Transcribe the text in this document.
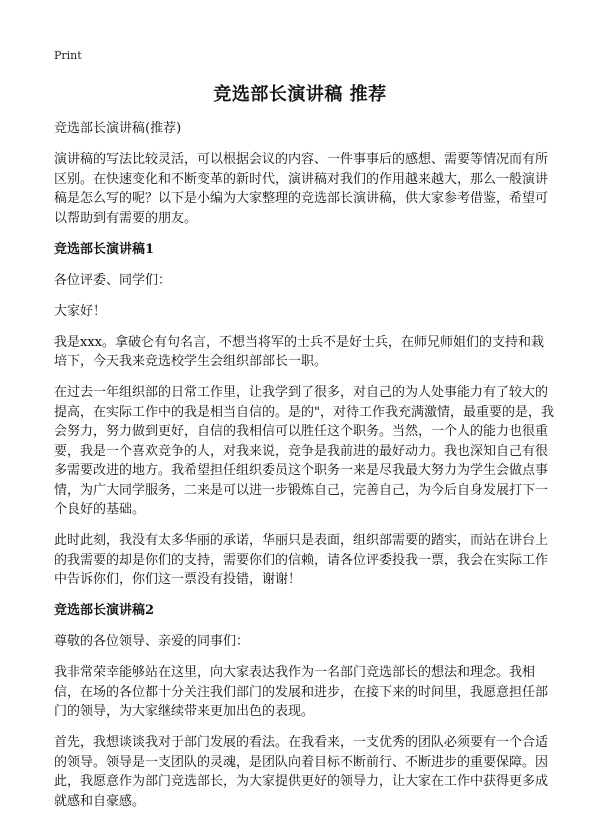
Print
竞选部长演讲稿 推荐

竞选部长演讲稿(推荐)

演讲稿的写法比较灵活，可以根据会议的内容、一件事事后的感想、需要等情况而有所区别。在快速变化和不断变革的新时代，演讲稿对我们的作用越来越大，那么一般演讲稿是怎么写的呢？以下是小编为大家整理的竞选部长演讲稿，供大家参考借鉴，希望可以帮助到有需要的朋友。

竞选部长演讲稿1

各位评委、同学们：

大家好！

我是xxx。拿破仑有句名言，不想当将军的士兵不是好士兵，在师兄师姐们的支持和栽培下，今天我来竞选校学生会组织部部长一职。

在过去一年组织部的日常工作里，让我学到了很多，对自己的为人处事能力有了较大的提高，在实际工作中的我是相当自信的。是的"，对待工作我充满激情，最重要的是，我会努力，努力做到更好，自信的我相信可以胜任这个职务。当然，一个人的能力也很重要，我是一个喜欢竞争的人，对我来说，竞争是我前进的最好动力。我也深知自己有很多需要改进的地方。我希望担任组织委员这个职务一来是尽我最大努力为学生会做点事情，为广大同学服务，二来是可以进一步锻炼自己，完善自己，为今后自身发展打下一个良好的基础。

此时此刻，我没有太多华丽的承诺，华丽只是表面，组织部需要的踏实，而站在讲台上的我需要的却是你们的支持，需要你们的信赖，请各位评委投我一票，我会在实际工作中告诉你们，你们这一票没有投错，谢谢！

竞选部长演讲稿2

尊敬的各位领导、亲爱的同事们：

我非常荣幸能够站在这里，向大家表达我作为一名部门竞选部长的想法和理念。我相信，在场的各位都十分关注我们部门的发展和进步，在接下来的时间里，我愿意担任部门的领导，为大家继续带来更加出色的表现。

首先，我想谈谈我对于部门发展的看法。在我看来，一支优秀的团队必须要有一个合适的领导。领导是一支团队的灵魂，是团队向着目标不断前行、不断进步的重要保障。因此，我愿意作为部门竞选部长，为大家提供更好的领导力，让大家在工作中获得更多成就感和自豪感。
